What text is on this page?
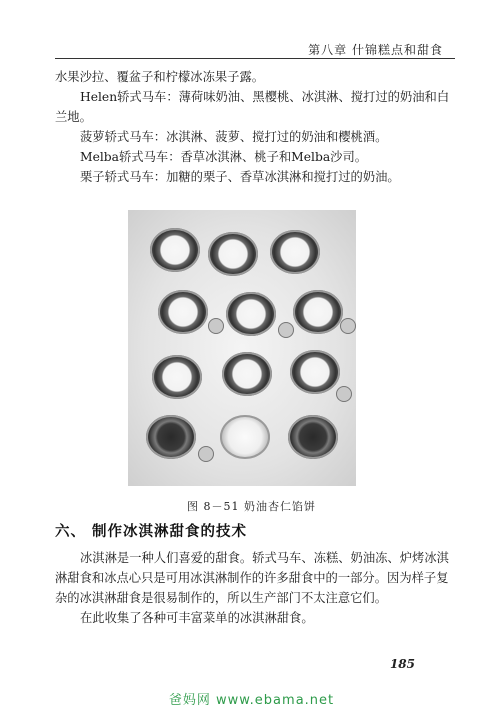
第八章 什锦糕点和甜食

水果沙拉、覆盆子和柠檬冰冻果子露。

Helen轿式马车：薄荷味奶油、黑樱桃、冰淇淋、搅打过的奶油和白兰地。

菠萝轿式马车：冰淇淋、菠萝、搅打过的奶油和樱桃酒。

Melba轿式马车：香草冰淇淋、桃子和Melba沙司。

栗子轿式马车：加糖的栗子、香草冰淇淋和搅打过的奶油。

图 8－51 奶油杏仁馅饼
六、 制作冰淇淋甜食的技术

冰淇淋是一种人们喜爱的甜食。轿式马车、冻糕、奶油冻、炉烤冰淇淋甜食和冰点心只是可用冰淇淋制作的许多甜食中的一部分。因为样子复杂的冰淇淋甜食是很易制作的，所以生产部门不太注意它们。

在此收集了各种可丰富菜单的冰淇淋甜食。

185
爸妈网 www.ebama.net
